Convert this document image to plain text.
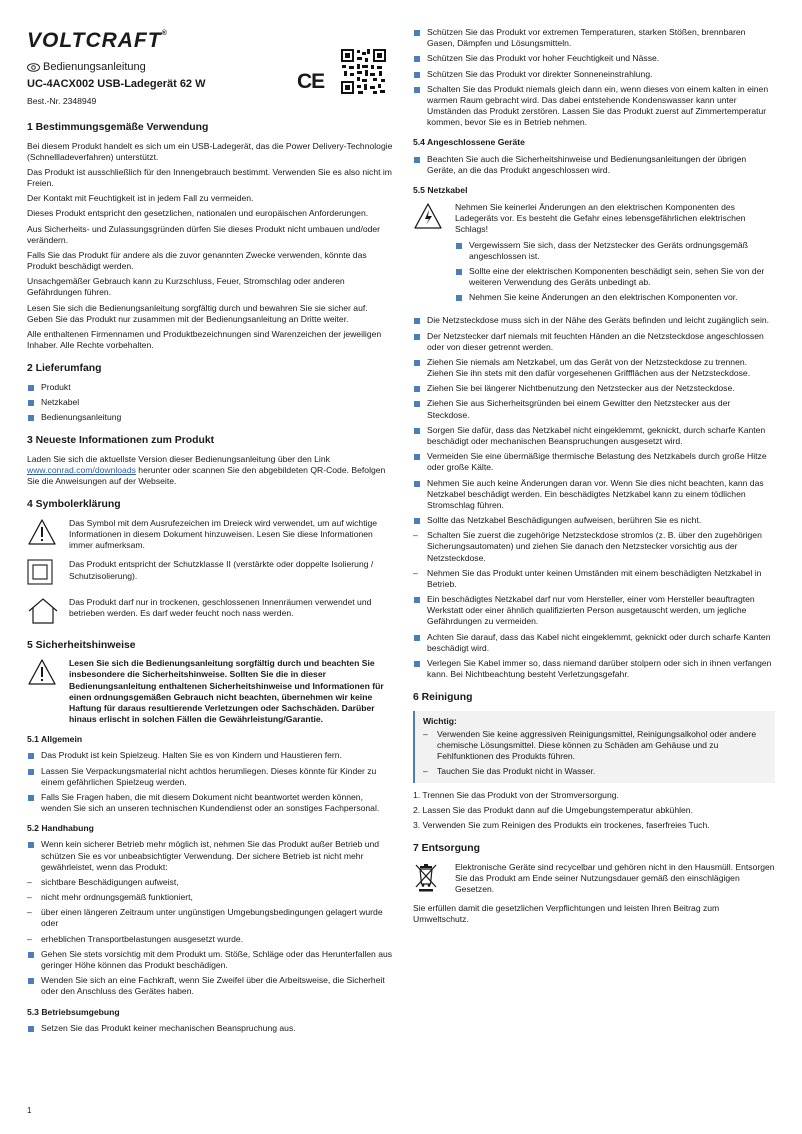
VOLTCRAFT®
Bedienungsanleitung
UC-4ACX002 USB-Ladegerät 62 W
Best.-Nr. 2348949
CE
1 Bestimmungsgemäße Verwendung

Bei diesem Produkt handelt es sich um ein USB-Ladegerät, das die Power Delivery-Technologie (Schnellladeverfahren) unterstützt.

Das Produkt ist ausschließlich für den Innengebrauch bestimmt. Verwenden Sie es also nicht im Freien.

Der Kontakt mit Feuchtigkeit ist in jedem Fall zu vermeiden.

Dieses Produkt entspricht den gesetzlichen, nationalen und europäischen Anforderungen.

Aus Sicherheits- und Zulassungsgründen dürfen Sie dieses Produkt nicht umbauen und/oder verändern.

Falls Sie das Produkt für andere als die zuvor genannten Zwecke verwenden, könnte das Produkt beschädigt werden.

Unsachgemäßer Gebrauch kann zu Kurzschluss, Feuer, Stromschlag oder anderen Gefährdungen führen.

Lesen Sie sich die Bedienungsanleitung sorgfältig durch und bewahren Sie sie sicher auf. Geben Sie das Produkt nur zusammen mit der Bedienungsanleitung an Dritte weiter.

Alle enthaltenen Firmennamen und Produktbezeichnungen sind Warenzeichen der jeweiligen Inhaber. Alle Rechte vorbehalten.

2 Lieferumfang
Produkt
Netzkabel
Bedienungsanleitung
3 Neueste Informationen zum Produkt

Laden Sie sich die aktuellste Version dieser Bedienungsanleitung über den Link www.conrad.com/downloads herunter oder scannen Sie den abgebildeten QR-Code. Befolgen Sie die Anweisungen auf der Webseite.

4 Symbolerklärung
Das Symbol mit dem Ausrufezeichen im Dreieck wird verwendet, um auf wichtige Informationen in diesem Dokument hinzuweisen. Lesen Sie diese Informationen immer aufmerksam.
Das Produkt entspricht der Schutzklasse II (verstärkte oder doppelte Isolierung / Schutzisolierung).
Das Produkt darf nur in trockenen, geschlossenen Innenräumen verwendet und betrieben werden. Es darf weder feucht noch nass werden.
5 Sicherheitshinweise
Lesen Sie sich die Bedienungsanleitung sorgfältig durch und beachten Sie insbesondere die Sicherheitshinweise. Sollten Sie die in dieser Bedienungsanleitung enthaltenen Sicherheitshinweise und Informationen für einen ordnungsgemäßen Gebrauch nicht beachten, übernehmen wir keine Haftung für daraus resultierende Verletzungen oder Sachschäden. Darüber hinaus erlischt in solchen Fällen die Gewährleistung/Garantie.
5.1 Allgemein
Das Produkt ist kein Spielzeug. Halten Sie es von Kindern und Haustieren fern.
Lassen Sie Verpackungsmaterial nicht achtlos herumliegen. Dieses könnte für Kinder zu einem gefährlichen Spielzeug werden.
Falls Sie Fragen haben, die mit diesem Dokument nicht beantwortet werden können, wenden Sie sich an unseren technischen Kundendienst oder an sonstiges Fachpersonal.
5.2 Handhabung
Wenn kein sicherer Betrieb mehr möglich ist, nehmen Sie das Produkt außer Betrieb und schützen Sie es vor unbeabsichtigter Verwendung. Der sichere Betrieb ist nicht mehr gewährleistet, wenn das Produkt:
– sichtbare Beschädigungen aufweist,
– nicht mehr ordnungsgemäß funktioniert,
– über einen längeren Zeitraum unter ungünstigen Umgebungsbedingungen gelagert wurde oder
– erheblichen Transportbelastungen ausgesetzt wurde.
Gehen Sie stets vorsichtig mit dem Produkt um. Stöße, Schläge oder das Herunterfallen aus geringer Höhe können das Produkt beschädigen.
Wenden Sie sich an eine Fachkraft, wenn Sie Zweifel über die Arbeitsweise, die Sicherheit oder den Anschluss des Gerätes haben.
5.3 Betriebsumgebung
Setzen Sie das Produkt keiner mechanischen Beanspruchung aus.
1
Schützen Sie das Produkt vor extremen Temperaturen, starken Stößen, brennbaren Gasen, Dämpfen und Lösungsmitteln.
Schützen Sie das Produkt vor hoher Feuchtigkeit und Nässe.
Schützen Sie das Produkt vor direkter Sonneneinstrahlung.
Schalten Sie das Produkt niemals gleich dann ein, wenn dieses von einem kalten in einen warmen Raum gebracht wird. Das dabei entstehende Kondenswasser kann unter Umständen das Produkt zerstören. Lassen Sie das Produkt zuerst auf Zimmertemperatur kommen, bevor Sie es in Betrieb nehmen.
5.4 Angeschlossene Geräte
Beachten Sie auch die Sicherheitshinweise und Bedienungsanleitungen der übrigen Geräte, an die das Produkt angeschlossen wird.
5.5 Netzkabel

Nehmen Sie keinerlei Änderungen an den elektrischen Komponenten des Ladegeräts vor. Es besteht die Gefahr eines lebensgefährlichen elektrischen Schlags!

Vergewissern Sie sich, dass der Netzstecker des Geräts ordnungsgemäß angeschlossen ist.
Sollte eine der elektrischen Komponenten beschädigt sein, sehen Sie von der weiteren Verwendung des Geräts unbedingt ab.
Nehmen Sie keine Änderungen an den elektrischen Komponenten vor.
Die Netzsteckdose muss sich in der Nähe des Geräts befinden und leicht zugänglich sein.
Der Netzstecker darf niemals mit feuchten Händen an die Netzsteckdose angeschlossen oder von dieser getrennt werden.
Ziehen Sie niemals am Netzkabel, um das Gerät von der Netzsteckdose zu trennen. Ziehen Sie ihn stets mit den dafür vorgesehenen Griffflächen aus der Netzsteckdose.
Ziehen Sie bei längerer Nichtbenutzung den Netzstecker aus der Netzsteckdose.
Ziehen Sie aus Sicherheitsgründen bei einem Gewitter den Netzstecker aus der Steckdose.
Sorgen Sie dafür, dass das Netzkabel nicht eingeklemmt, geknickt, durch scharfe Kanten beschädigt oder mechanischen Beanspruchungen ausgesetzt wird.
Vermeiden Sie eine übermäßige thermische Belastung des Netzkabels durch große Hitze oder große Kälte.
Nehmen Sie auch keine Änderungen daran vor. Wenn Sie dies nicht beachten, kann das Netzkabel beschädigt werden. Ein beschädigtes Netzkabel kann zu einem tödlichen Stromschlag führen.
Sollte das Netzkabel Beschädigungen aufweisen, berühren Sie es nicht.
– Schalten Sie zuerst die zugehörige Netzsteckdose stromlos (z. B. über den zugehörigen Sicherungsautomaten) und ziehen Sie danach den Netzstecker vorsichtig aus der Netzsteckdose.
– Nehmen Sie das Produkt unter keinen Umständen mit einem beschädigten Netzkabel in Betrieb.
Ein beschädigtes Netzkabel darf nur vom Hersteller, einer vom Hersteller beauftragten Werkstatt oder einer ähnlich qualifizierten Person ausgetauscht werden, um jegliche Gefährdungen zu vermeiden.
Achten Sie darauf, dass das Kabel nicht eingeklemmt, geknickt oder durch scharfe Kanten beschädigt wird.
Verlegen Sie Kabel immer so, dass niemand darüber stolpern oder sich in ihnen verfangen kann. Bei Nichtbeachtung besteht Verletzungsgefahr.
6 Reinigung
Wichtig:
– Verwenden Sie keine aggressiven Reinigungsmittel, Reinigungsalkohol oder andere chemische Lösungsmittel. Diese können zu Schäden am Gehäuse und zu Fehlfunktionen des Produkts führen.
– Tauchen Sie das Produkt nicht in Wasser.
1. Trennen Sie das Produkt von der Stromversorgung.
2. Lassen Sie das Produkt dann auf die Umgebungstemperatur abkühlen.
3. Verwenden Sie zum Reinigen des Produkts ein trockenes, faserfreies Tuch.
7 Entsorgung
Elektronische Geräte sind recycelbar und gehören nicht in den Hausmüll. Entsorgen Sie das Produkt am Ende seiner Nutzungsdauer gemäß den einschlägigen Gesetzen.

Sie erfüllen damit die gesetzlichen Verpflichtungen und leisten Ihren Beitrag zum Umweltschutz.
